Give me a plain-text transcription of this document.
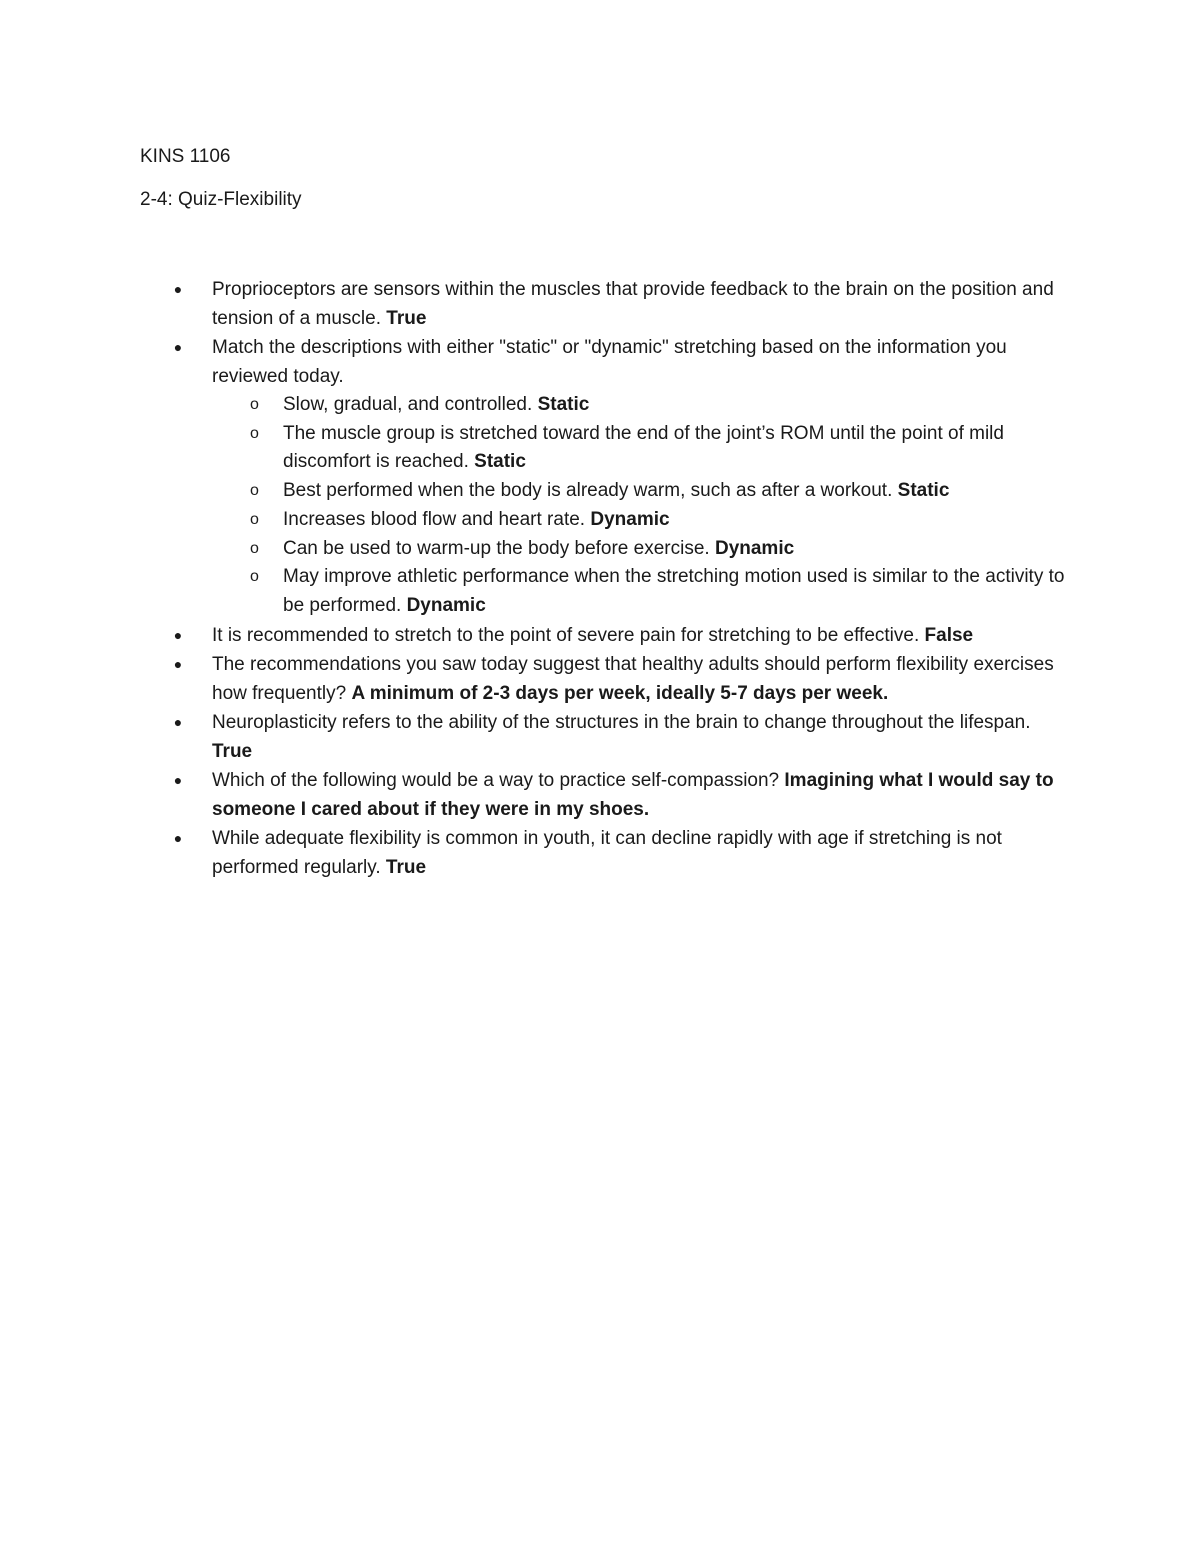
KINS 1106

2-4: Quiz-Flexibility

● Proprioceptors are sensors within the muscles that provide feedback to the brain on the position and tension of a muscle. True
● Match the descriptions with either "static" or "dynamic" stretching based on the information you reviewed today.
o Slow, gradual, and controlled. Static
o The muscle group is stretched toward the end of the joint’s ROM until the point of mild discomfort is reached. Static
o Best performed when the body is already warm, such as after a workout. Static
o Increases blood flow and heart rate. Dynamic
o Can be used to warm-up the body before exercise. Dynamic
o May improve athletic performance when the stretching motion used is similar to the activity to be performed. Dynamic
● It is recommended to stretch to the point of severe pain for stretching to be effective. False
● The recommendations you saw today suggest that healthy adults should perform flexibility exercises how frequently? A minimum of 2-3 days per week, ideally 5-7 days per week.
● Neuroplasticity refers to the ability of the structures in the brain to change throughout the lifespan. True
● Which of the following would be a way to practice self-compassion? Imagining what I would say to someone I cared about if they were in my shoes.
● While adequate flexibility is common in youth, it can decline rapidly with age if stretching is not performed regularly. True
